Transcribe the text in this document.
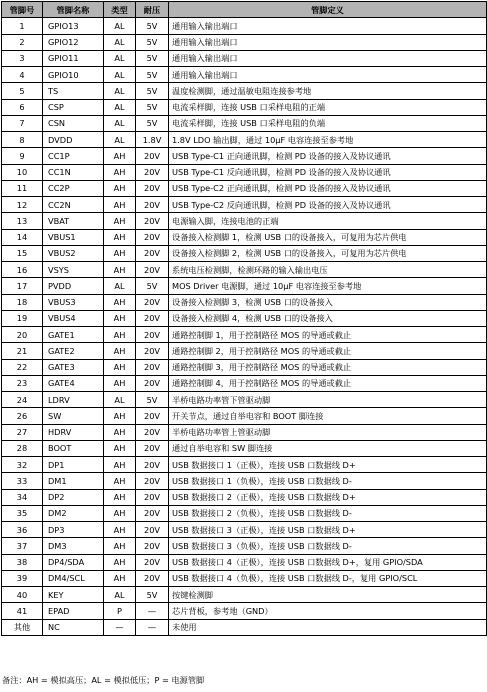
管脚号	管脚名称	类型	耐压	管脚定义
1	GPIO13	AL	5V	通用输入输出端口
2	GPIO12	AL	5V	通用输入输出端口
3	GPIO11	AL	5V	通用输入输出端口
4	GPIO10	AL	5V	通用输入输出端口
5	TS	AL	5V	温度检测脚，通过温敏电阻连接参考地
6	CSP	AL	5V	电流采样脚，连接 USB 口采样电阻的正端
7	CSN	AL	5V	电流采样脚，连接 USB 口采样电阻的负端
8	DVDD	AL	1.8V	1.8V LDO 输出脚，通过 10μF 电容连接至参考地
9	CC1P	AH	20V	USB Type-C1 正向通讯脚，检测 PD 设备的接入及协议通讯
10	CC1N	AH	20V	USB Type-C1 反向通讯脚，检测 PD 设备的接入及协议通讯
11	CC2P	AH	20V	USB Type-C2 正向通讯脚，检测 PD 设备的接入及协议通讯
12	CC2N	AH	20V	USB Type-C2 反向通讯脚，检测 PD 设备的接入及协议通讯
13	VBAT	AH	20V	电源输入脚，连接电池的正端
14	VBUS1	AH	20V	设备接入检测脚 1，检测 USB 口的设备接入，可复用为芯片供电
15	VBUS2	AH	20V	设备接入检测脚 2，检测 USB 口的设备接入，可复用为芯片供电
16	VSYS	AH	20V	系统电压检测脚，检测环路的输入输出电压
17	PVDD	AL	5V	MOS Driver 电源脚，通过 10μF 电容连接至参考地
18	VBUS3	AH	20V	设备接入检测脚 3，检测 USB 口的设备接入
19	VBUS4	AH	20V	设备接入检测脚 4，检测 USB 口的设备接入
20	GATE1	AH	20V	通路控制脚 1，用于控制路径 MOS 的导通或截止
21	GATE2	AH	20V	通路控制脚 2，用于控制路径 MOS 的导通或截止
22	GATE3	AH	20V	通路控制脚 3，用于控制路径 MOS 的导通或截止
23	GATE4	AH	20V	通路控制脚 4，用于控制路径 MOS 的导通或截止
24	LDRV	AL	5V	半桥电路功率管下管驱动脚
26	SW	AH	20V	开关节点，通过自举电容和 BOOT 脚连接
27	HDRV	AH	20V	半桥电路功率管上管驱动脚
28	BOOT	AH	20V	通过自举电容和 SW 脚连接
32	DP1	AH	20V	USB 数据接口 1（正极），连接 USB 口数据线 D+
33	DM1	AH	20V	USB 数据接口 1（负极），连接 USB 口数据线 D-
34	DP2	AH	20V	USB 数据接口 2（正极），连接 USB 口数据线 D+
35	DM2	AH	20V	USB 数据接口 2（负极），连接 USB 口数据线 D-
36	DP3	AH	20V	USB 数据接口 3（正极），连接 USB 口数据线 D+
37	DM3	AH	20V	USB 数据接口 3（负极），连接 USB 口数据线 D-
38	DP4/SDA	AH	20V	USB 数据接口 4（正极），连接 USB 口数据线 D+，复用 GPIO/SDA
39	DM4/SCL	AH	20V	USB 数据接口 4（负极），连接 USB 口数据线 D-，复用 GPIO/SCL
40	KEY	AL	5V	按键检测脚
41	EPAD	P	—	芯片背板，参考地（GND）
其他	NC	—	—	未使用
备注：AH = 模拟高压；AL = 模拟低压；P = 电源管脚
